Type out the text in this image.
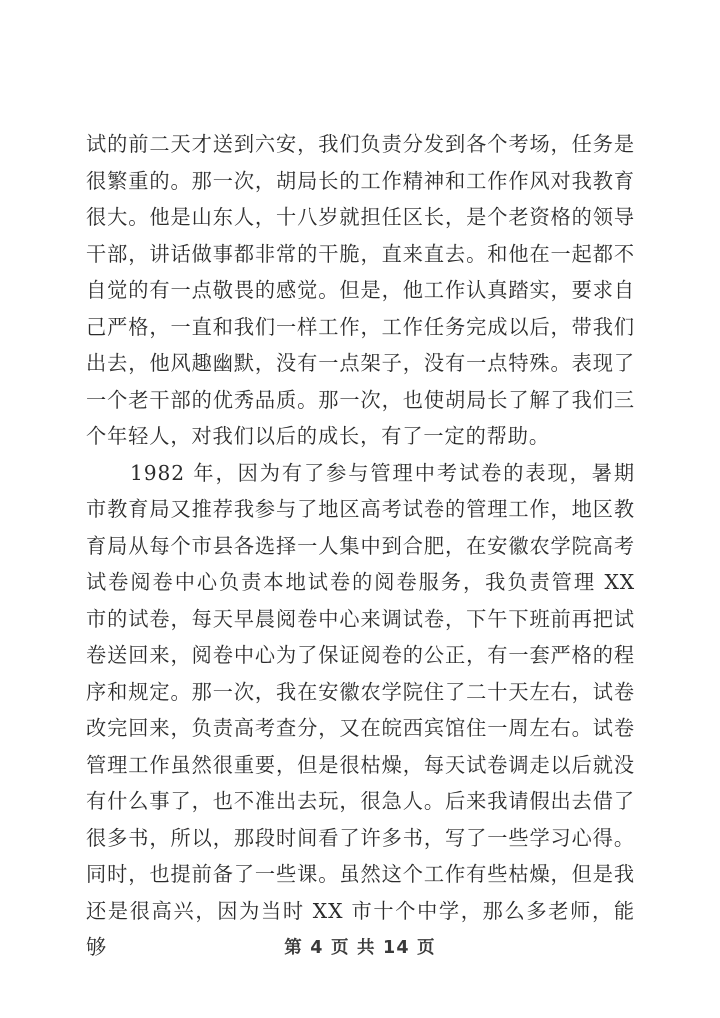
试的前二天才送到六安，我们负责分发到各个考场，任务是很繁重的。那一次，胡局长的工作精神和工作作风对我教育很大。他是山东人，十八岁就担任区长，是个老资格的领导干部，讲话做事都非常的干脆，直来直去。和他在一起都不自觉的有一点敬畏的感觉。但是，他工作认真踏实，要求自己严格，一直和我们一样工作，工作任务完成以后，带我们出去，他风趣幽默，没有一点架子，没有一点特殊。表现了一个老干部的优秀品质。那一次，也使胡局长了解了我们三个年轻人，对我们以后的成长，有了一定的帮助。

1982 年，因为有了参与管理中考试卷的表现，暑期市教育局又推荐我参与了地区高考试卷的管理工作，地区教育局从每个市县各选择一人集中到合肥，在安徽农学院高考试卷阅卷中心负责本地试卷的阅卷服务，我负责管理 XX 市的试卷，每天早晨阅卷中心来调试卷，下午下班前再把试卷送回来，阅卷中心为了保证阅卷的公正，有一套严格的程序和规定。那一次，我在安徽农学院住了二十天左右，试卷改完回来，负责高考查分，又在皖西宾馆住一周左右。试卷管理工作虽然很重要，但是很枯燥，每天试卷调走以后就没有什么事了，也不准出去玩，很急人。后来我请假出去借了很多书，所以，那段时间看了许多书，写了一些学习心得。同时，也提前备了一些课。虽然这个工作有些枯燥，但是我还是很高兴，因为当时 XX 市十个中学，那么多老师，能够	第 4 页 共 14 页
